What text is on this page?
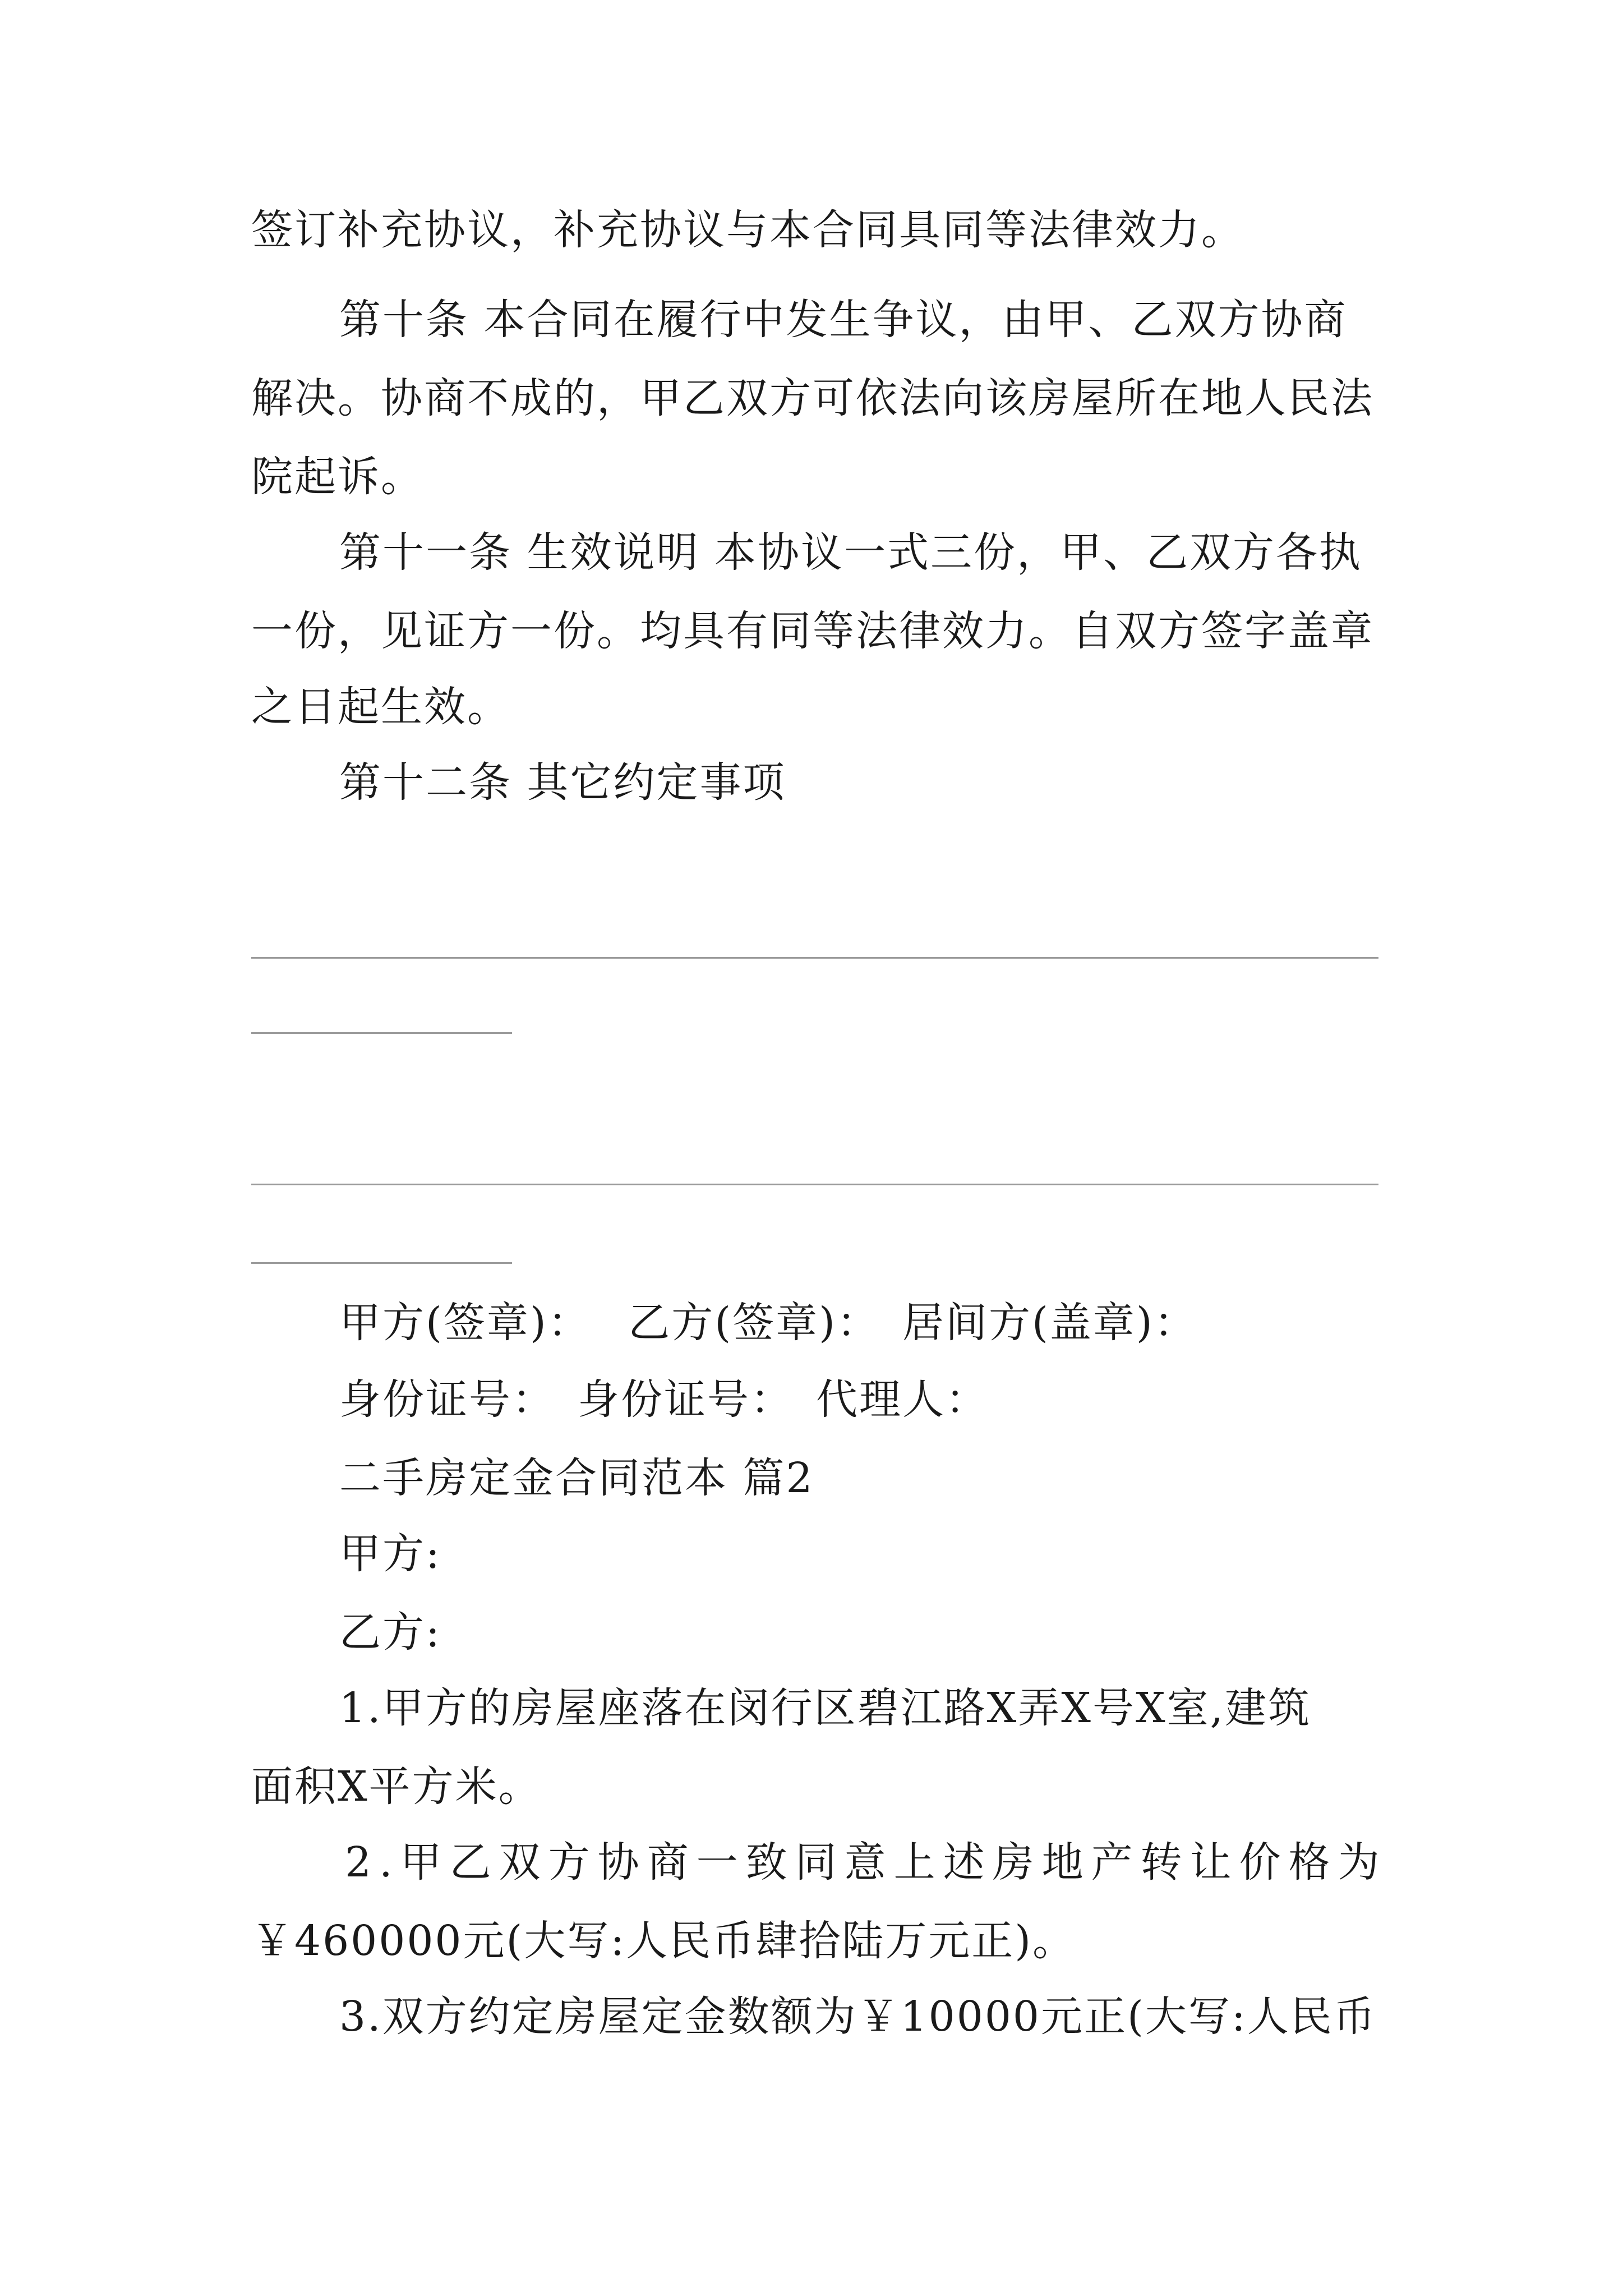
签订补充协议，补充协议与本合同具同等法律效力。
第十条 本合同在履行中发生争议，由甲、乙双方协商
解决。协商不成的，甲乙双方可依法向该房屋所在地人民法
院起诉。
第十一条 生效说明 本协议一式三份，甲、乙双方各执
一份，见证方一份。均具有同等法律效力。自双方签字盖章
之日起生效。
第十二条 其它约定事项
甲方(签章)：　 乙方(签章)：　居间方(盖章)：
身份证号：　身份证号：　代理人：
二手房定金合同范本 篇2
甲方:
乙方:
1.甲方的房屋座落在闵行区碧江路X弄X号X室,建筑
面积X平方米。
2.甲乙双方协商一致同意上述房地产转让价格为
￥460000元(大写:人民币肆拾陆万元正)。
3.双方约定房屋定金数额为￥10000元正(大写:人民币
